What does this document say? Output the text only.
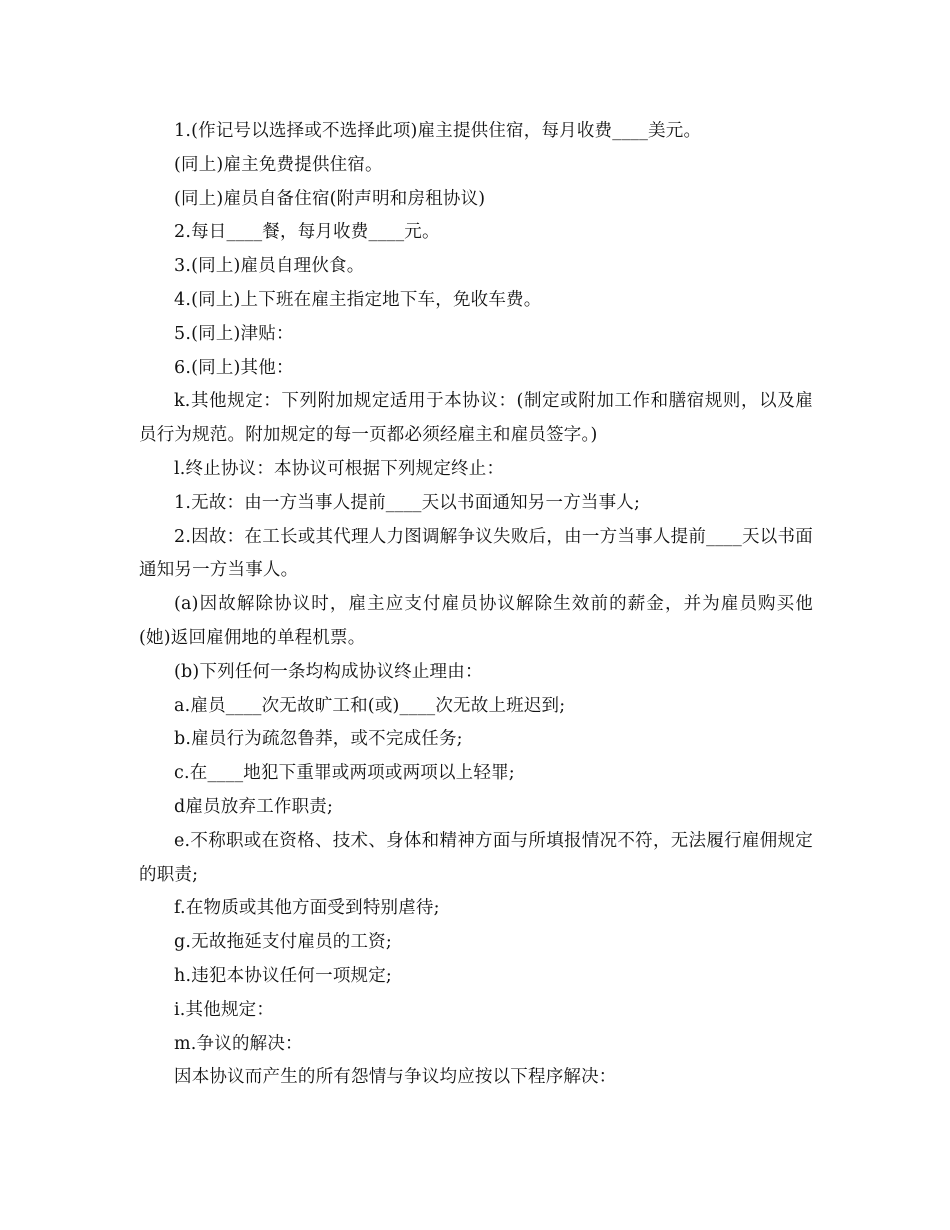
1.(作记号以选择或不选择此项)雇主提供住宿，每月收费____美元。

(同上)雇主免费提供住宿。

(同上)雇员自备住宿(附声明和房租协议)

2.每日____餐，每月收费____元。

3.(同上)雇员自理伙食。

4.(同上)上下班在雇主指定地下车，免收车费。

5.(同上)津贴：

6.(同上)其他：

k.其他规定：下列附加规定适用于本协议：(制定或附加工作和膳宿规则，以及雇员行为规范。附加规定的每一页都必须经雇主和雇员签字。)

l.终止协议：本协议可根据下列规定终止：

1.无故：由一方当事人提前____天以书面通知另一方当事人;

2.因故：在工长或其代理人力图调解争议失败后，由一方当事人提前____天以书面通知另一方当事人。

(a)因故解除协议时，雇主应支付雇员协议解除生效前的薪金，并为雇员购买他(她)返回雇佣地的单程机票。

(b)下列任何一条均构成协议终止理由：

a.雇员____次无故旷工和(或)____次无故上班迟到;

b.雇员行为疏忽鲁莽，或不完成任务;

c.在____地犯下重罪或两项或两项以上轻罪;

d雇员放弃工作职责;

e.不称职或在资格、技术、身体和精神方面与所填报情况不符，无法履行雇佣规定的职责;

f.在物质或其他方面受到特别虐待;

g.无故拖延支付雇员的工资;

h.违犯本协议任何一项规定;

i.其他规定：

m.争议的解决：

因本协议而产生的所有怨情与争议均应按以下程序解决：
